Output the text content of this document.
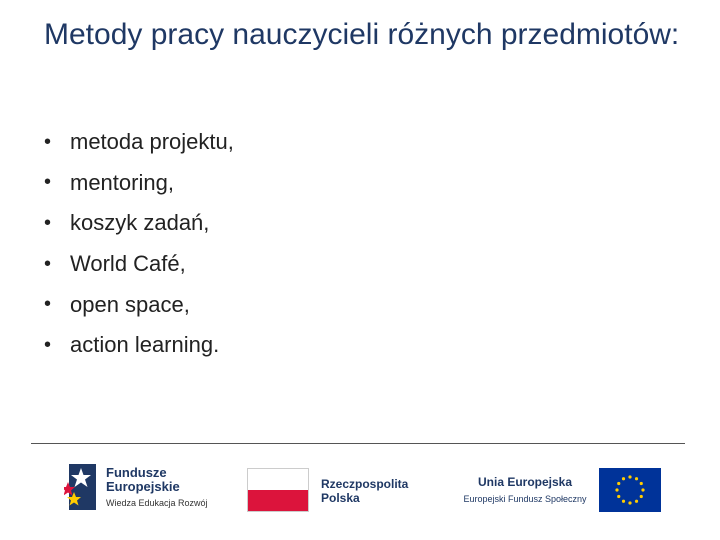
Metody pracy nauczycieli różnych przedmiotów:
• metoda projektu,
• mentoring,
• koszyk zadań,
• World Café,
• open space,
• action learning.
Fundusze
Europejskie
Wiedza Edukacja Rozwój
Rzeczpospolita
Polska
Unia Europejska
Europejski Fundusz Społeczny
